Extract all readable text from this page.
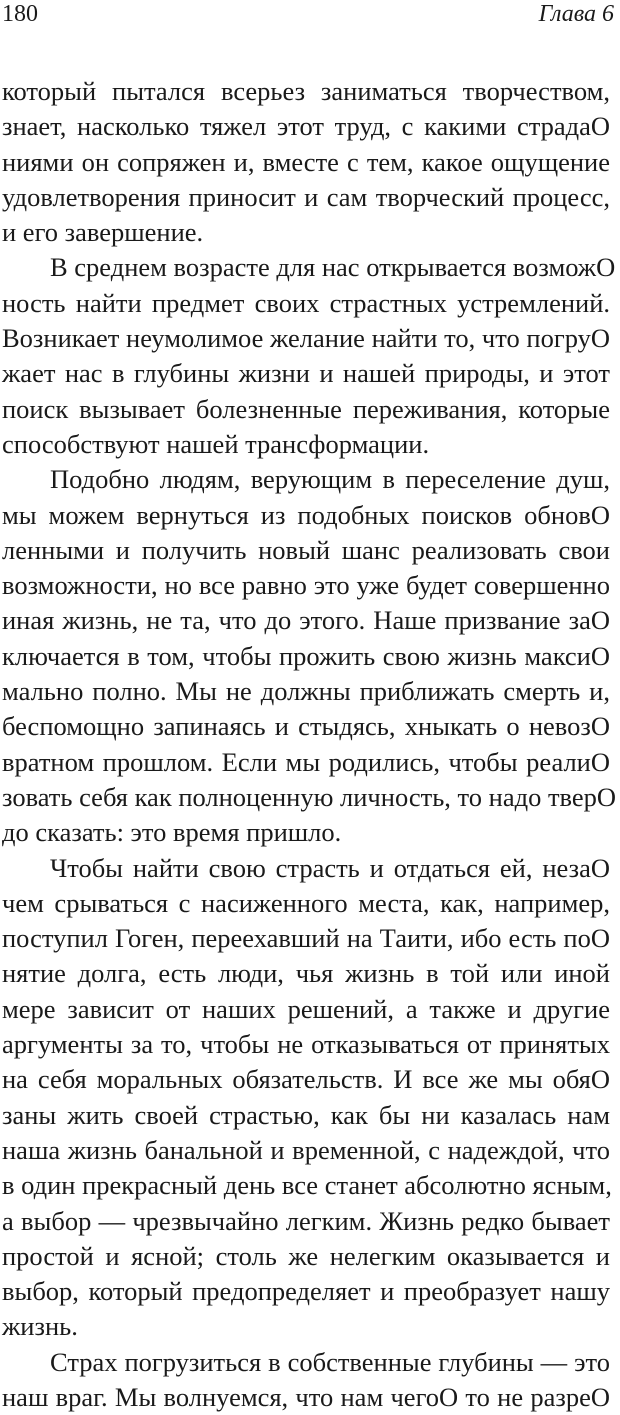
180	Глава 6
который пытался всерьез заниматься творчеством,
знает, насколько тяжел этот труд, с какими страдаO
ниями он сопряжен и, вместе с тем, какое ощущение
удовлетворения приносит и сам творческий процесс,
и его завершение.
В среднем возрасте для нас открывается возможO
ность найти предмет своих страстных устремлений.
Возникает неумолимое желание найти то, что погруO
жает нас в глубины жизни и нашей природы, и этот
поиск вызывает болезненные переживания, которые
способствуют нашей трансформации.
Подобно людям, верующим в переселение душ,
мы можем вернуться из подобных поисков обновO
ленными и получить новый шанс реализовать свои
возможности, но все равно это уже будет совершенно
иная жизнь, не та, что до этого. Наше призвание заO
ключается в том, чтобы прожить свою жизнь максиO
мально полно. Мы не должны приближать смерть и,
беспомощно запинаясь и стыдясь, хныкать о невозO
вратном прошлом. Если мы родились, чтобы реалиO
зовать себя как полноценную личность, то надо тверO
до сказать: это время пришло.
Чтобы найти свою страсть и отдаться ей, незаO
чем срываться с насиженного места, как, например,
поступил Гоген, переехавший на Таити, ибо есть поO
нятие долга, есть люди, чья жизнь в той или иной
мере зависит от наших решений, а также и другие
аргументы за то, чтобы не отказываться от принятых
на себя моральных обязательств. И все же мы обяO
заны жить своей страстью, как бы ни казалась нам
наша жизнь банальной и временной, с надеждой, что
в один прекрасный день все станет абсолютно ясным,
а выбор — чрезвычайно легким. Жизнь редко бывает
простой и ясной; столь же нелегким оказывается и
выбор, который предопределяет и преобразует нашу
жизнь.
Страх погрузиться в собственные глубины — это
наш враг. Мы волнуемся, что нам чегоO то не разреO
